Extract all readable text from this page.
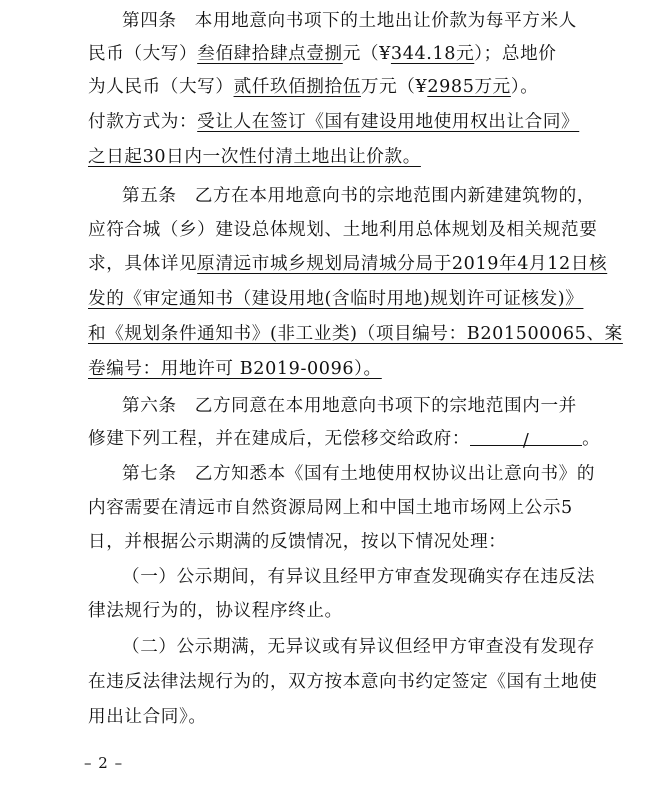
第四条　本用地意向书项下的土地出让价款为每平方米人
民币（大写）叁佰肆拾肆点壹捌元（¥344.18元）；总地价
为人民币（大写）贰仟玖佰捌拾伍万元（¥2985万元）。
付款方式为：受让人在签订《国有建设用地使用权出让合同》
之日起30日内一次性付清土地出让价款。
第五条　乙方在本用地意向书的宗地范围内新建建筑物的，
应符合城（乡）建设总体规划、土地利用总体规划及相关规范要
求，具体详见原清远市城乡规划局清城分局于2019年4月12日核
发的《审定通知书（建设用地(含临时用地)规划许可证核发)》
和《规划条件通知书》(非工业类)（项目编号：B201500065、案
卷编号：用地许可 B2019-0096）。
第六条　乙方同意在本用地意向书项下的宗地范围内一并
修建下列工程，并在建成后，无偿移交给政府：	/	。
第七条　乙方知悉本《国有土地使用权协议出让意向书》的
内容需要在清远市自然资源局网上和中国土地市场网上公示5
日，并根据公示期满的反馈情况，按以下情况处理：
（一）公示期间，有异议且经甲方审查发现确实存在违反法
律法规行为的，协议程序终止。
（二）公示期满，无异议或有异议但经甲方审查没有发现存
在违反法律法规行为的，双方按本意向书约定签定《国有土地使
用出让合同》。
– 2 –
